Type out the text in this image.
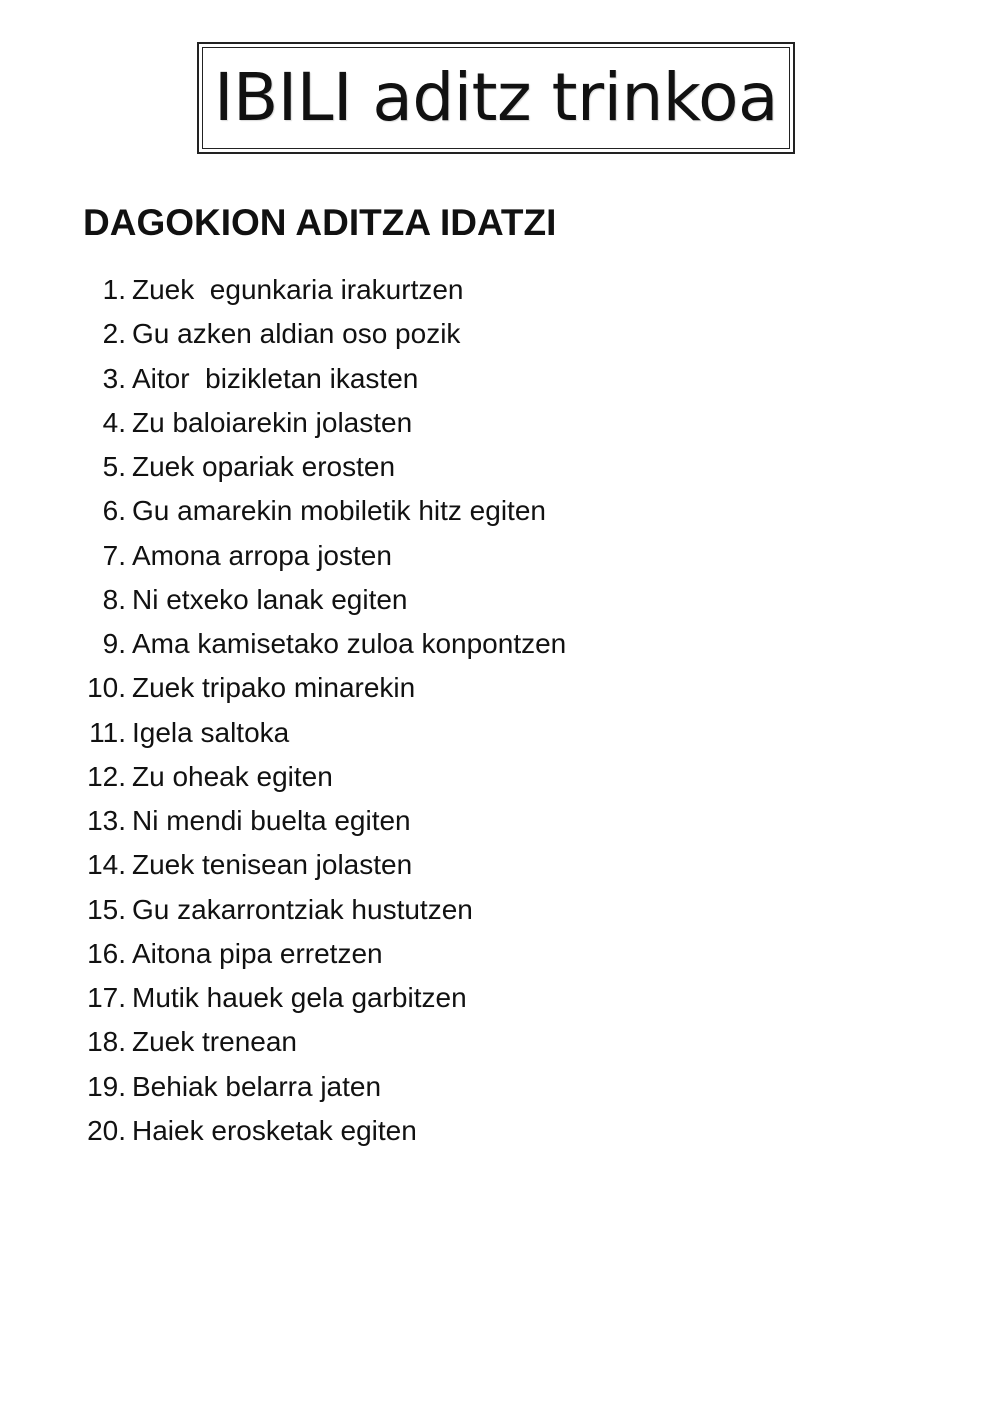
IBILI aditz trinkoa
DAGOKION ADITZA IDATZI
1. Zuek  egunkaria irakurtzen
2. Gu azken aldian oso pozik
3. Aitor  bizikletan ikasten
4. Zu baloiarekin jolasten
5. Zuek opariak erosten
6. Gu amarekin mobiletik hitz egiten
7. Amona arropa josten
8. Ni etxeko lanak egiten
9. Ama kamisetako zuloa konpontzen
10. Zuek tripako minarekin
11. Igela saltoka
12. Zu oheak egiten
13. Ni mendi buelta egiten
14. Zuek tenisean jolasten
15. Gu zakarrontziak hustutzen
16. Aitona pipa erretzen
17. Mutik hauek gela garbitzen
18. Zuek trenean
19. Behiak belarra jaten
20. Haiek erosketak egiten
